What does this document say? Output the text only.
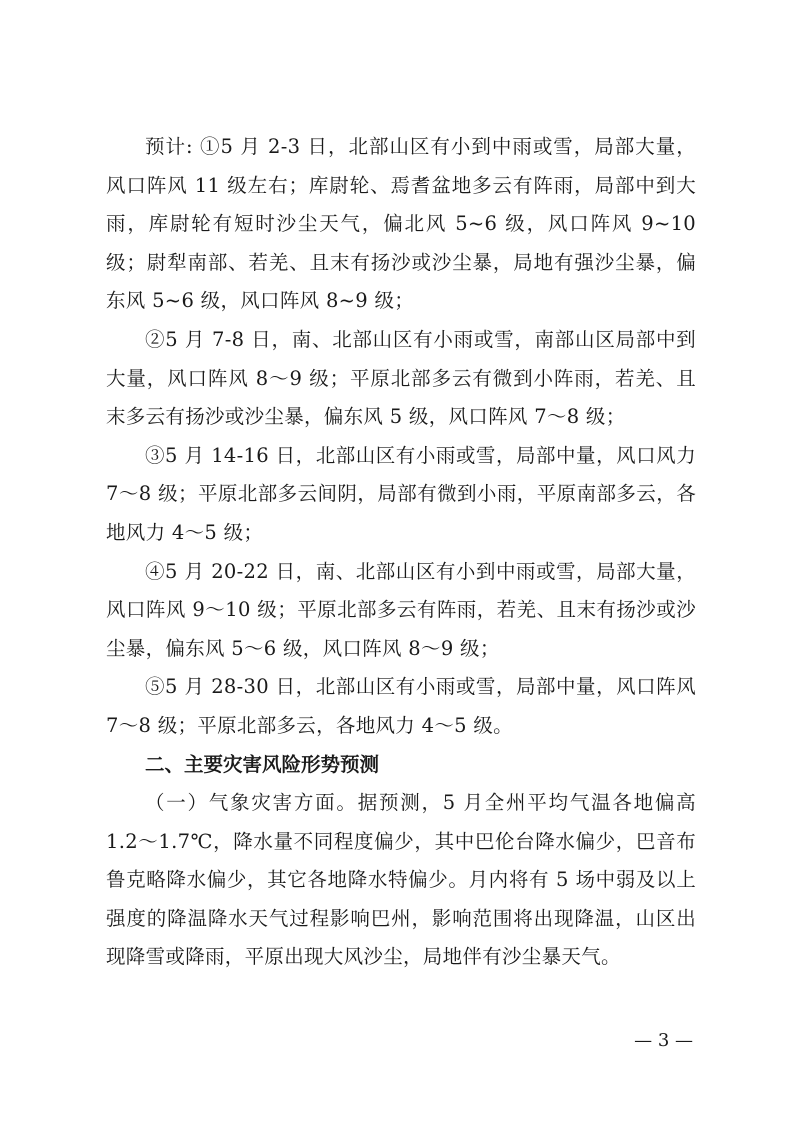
预计: ①5 月 2-3 日，北部山区有小到中雨或雪，局部大量，风口阵风 11 级左右；库尉轮、焉耆盆地多云有阵雨，局部中到大雨，库尉轮有短时沙尘天气，偏北风 5~6 级，风口阵风 9~10 级；尉犁南部、若羌、且末有扬沙或沙尘暴，局地有强沙尘暴，偏东风 5~6 级，风口阵风 8~9 级；

②5 月 7-8 日，南、北部山区有小雨或雪，南部山区局部中到大量，风口阵风 8～9 级；平原北部多云有微到小阵雨，若羌、且末多云有扬沙或沙尘暴，偏东风 5 级，风口阵风 7～8 级；

③5 月 14-16 日，北部山区有小雨或雪，局部中量，风口风力 7～8 级；平原北部多云间阴，局部有微到小雨，平原南部多云，各地风力 4～5 级；

④5 月 20-22 日，南、北部山区有小到中雨或雪，局部大量，风口阵风 9～10 级；平原北部多云有阵雨，若羌、且末有扬沙或沙尘暴，偏东风 5～6 级，风口阵风 8～9 级；

⑤5 月 28-30 日，北部山区有小雨或雪，局部中量，风口阵风 7～8 级；平原北部多云，各地风力 4～5 级。

二、主要灾害风险形势预测

（一）气象灾害方面。据预测，5 月全州平均气温各地偏高 1.2～1.7℃，降水量不同程度偏少，其中巴伦台降水偏少，巴音布鲁克略降水偏少，其它各地降水特偏少。月内将有 5 场中弱及以上强度的降温降水天气过程影响巴州，影响范围将出现降温，山区出现降雪或降雨，平原出现大风沙尘，局地伴有沙尘暴天气。

— 3 —
